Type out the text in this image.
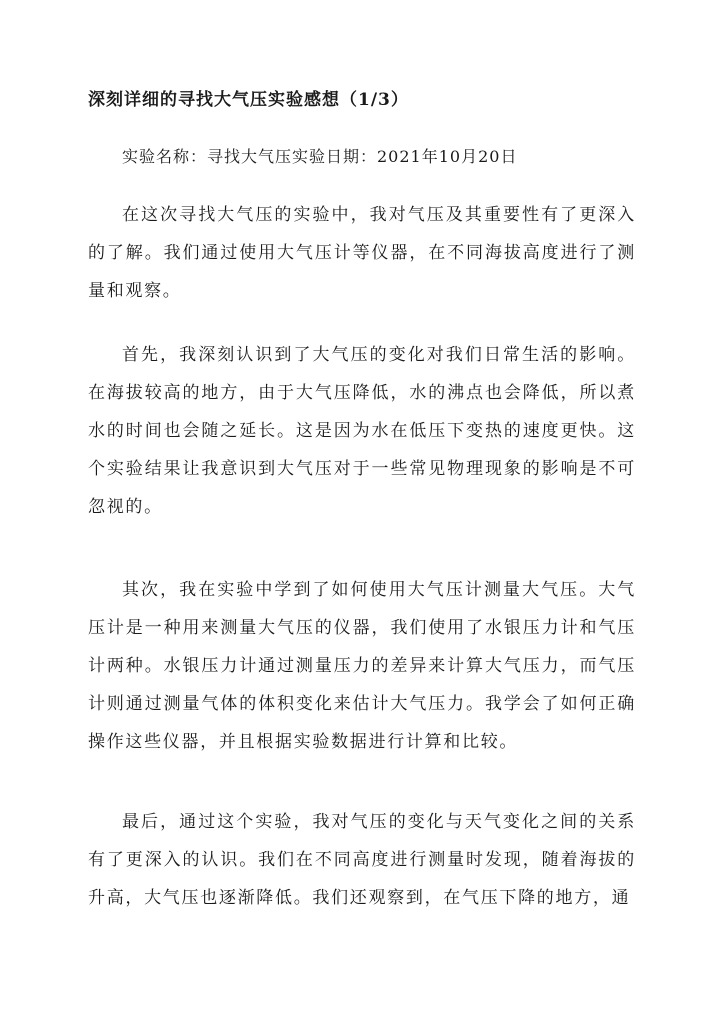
深刻详细的寻找大气压实验感想（1/3）
实验名称：寻找大气压实验日期：2021年10月20日
在这次寻找大气压的实验中，我对气压及其重要性有了更深入的了解。我们通过使用大气压计等仪器，在不同海拔高度进行了测量和观察。
首先，我深刻认识到了大气压的变化对我们日常生活的影响。在海拔较高的地方，由于大气压降低，水的沸点也会降低，所以煮水的时间也会随之延长。这是因为水在低压下变热的速度更快。这个实验结果让我意识到大气压对于一些常见物理现象的影响是不可忽视的。
其次，我在实验中学到了如何使用大气压计测量大气压。大气压计是一种用来测量大气压的仪器，我们使用了水银压力计和气压计两种。水银压力计通过测量压力的差异来计算大气压力，而气压计则通过测量气体的体积变化来估计大气压力。我学会了如何正确操作这些仪器，并且根据实验数据进行计算和比较。
最后，通过这个实验，我对气压的变化与天气变化之间的关系有了更深入的认识。我们在不同高度进行测量时发现，随着海拔的升高，大气压也逐渐降低。我们还观察到，在气压下降的地方，通
